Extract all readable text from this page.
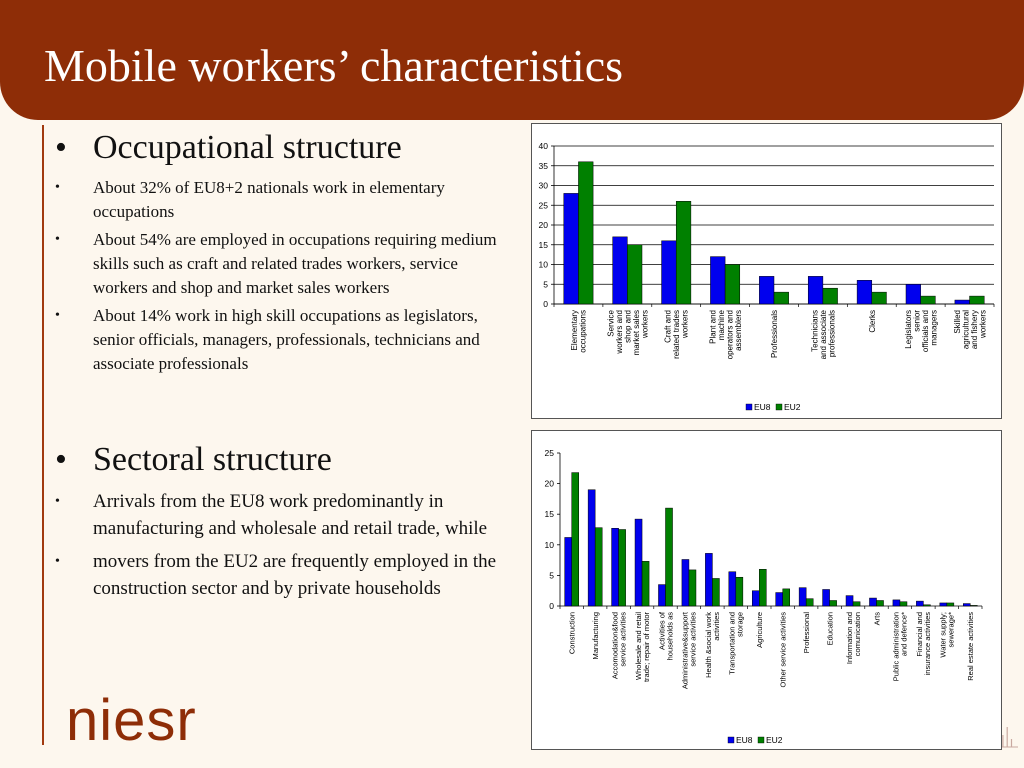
Mobile workers’ characteristics
• Occupational structure
•	About 32% of EU8+2 nationals work in elementary occupations
•	About 54% are employed in occupations requiring medium skills such as craft and related trades workers, service workers and shop and market sales workers
•	About 14% work in high skill occupations as legislators, senior officials, managers, professionals, technicians and associate professionals
• Sectoral structure
•	Arrivals from the EU8 work predominantly in manufacturing and wholesale and retail trade, while
•	movers from the EU2 are frequently employed in the construction sector and by private households
niesr
0
5
10
15
20
25
30
35
40
Elementaryoccupations Serviceworkers andshop andmarket salesworkers Craft andrelated tradesworkers Plant andmachineoperators andassemblers	Professionals	Techniciansand associateprofessionals	Clerks	Legislatorsseniorofficials andmanagers Skilledagriculturaland fisheryworkers
EU8 EU2
0
5
10
15
20
25
Construction Manufacturing Accomodation&foodservice activities Wholesale and retailtrade; repair of motor Activities ofhouseholds as Administrative&supportservice activities Health &social workactivities Transportation andstorage Agriculture Other service activities Professional Education Information andcomunication Arts Public administrationand defence* Financial andinsurance activities Water supply;sewerage* Real estate activities
EU8 EU2
